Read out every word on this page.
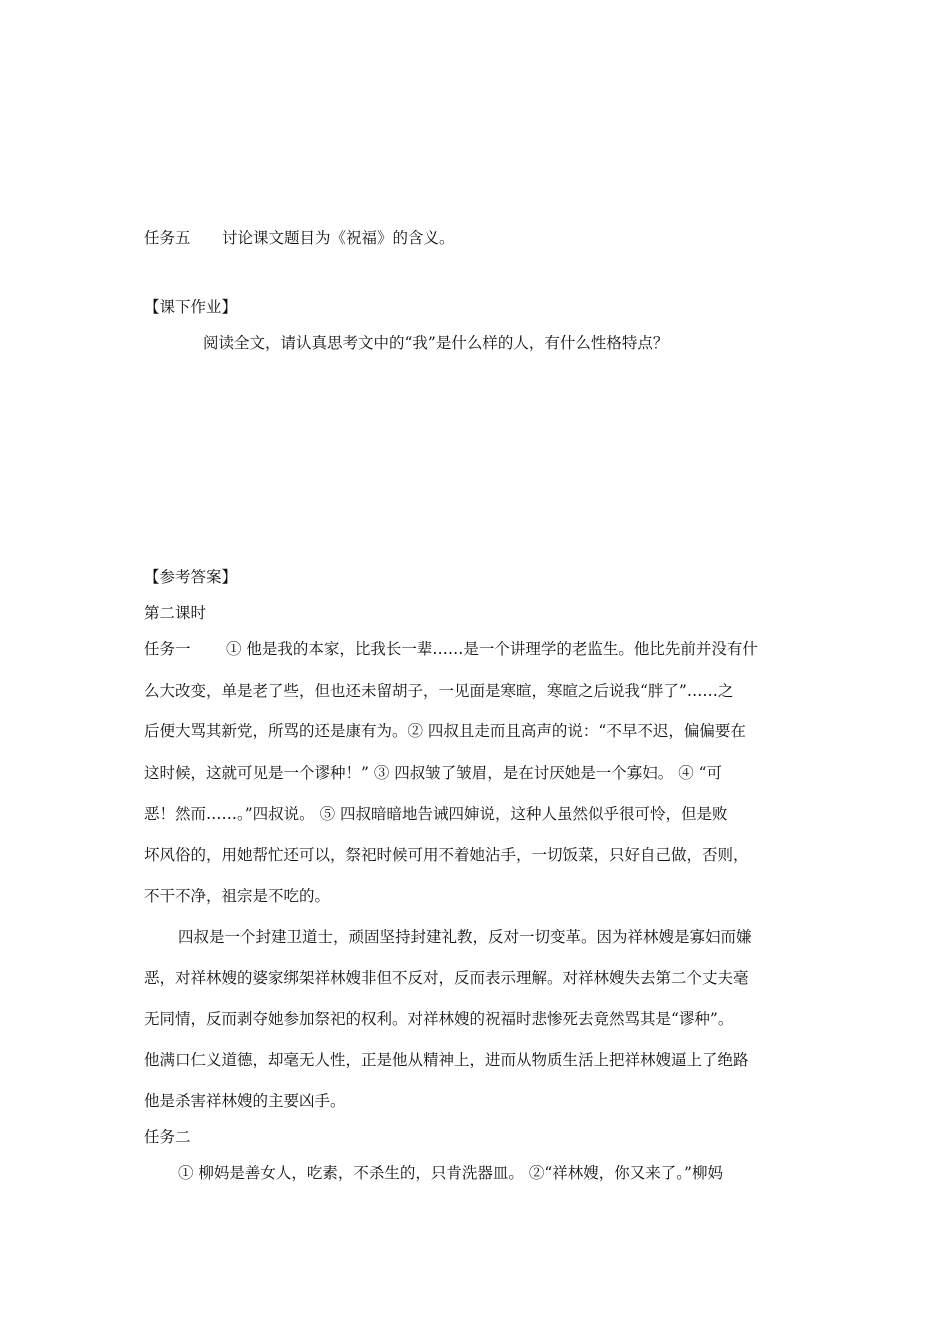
任务五 讨论课文题目为《祝福》的含义。
【课下作业】
阅读全文，请认真思考文中的“我”是什么样的人，有什么性格特点？
【参考答案】
第二课时
任务一 ① 他是我的本家，比我长一辈……是一个讲理学的老监生。他比先前并没有什
么大改变，单是老了些，但也还未留胡子，一见面是寒暄，寒暄之后说我“胖了”……之
后便大骂其新党，所骂的还是康有为。② 四叔且走而且高声的说：“不早不迟，偏偏要在
这时候，这就可见是一个谬种！” ③ 四叔皱了皱眉，是在讨厌她是一个寡妇。 ④ “可
恶！然而……。”四叔说。 ⑤ 四叔暗暗地告诫四婶说，这种人虽然似乎很可怜，但是败
坏风俗的，用她帮忙还可以，祭祀时候可用不着她沾手，一切饭菜，只好自己做，否则，
不干不净，祖宗是不吃的。
四叔是一个封建卫道士，顽固坚持封建礼教，反对一切变革。因为祥林嫂是寡妇而嫌
恶，对祥林嫂的婆家绑架祥林嫂非但不反对，反而表示理解。对祥林嫂失去第二个丈夫毫
无同情，反而剥夺她参加祭祀的权利。对祥林嫂的祝福时悲惨死去竟然骂其是“谬种”。
他满口仁义道德，却毫无人性，正是他从精神上，进而从物质生活上把祥林嫂逼上了绝路
他是杀害祥林嫂的主要凶手。
任务二
① 柳妈是善女人，吃素，不杀生的，只肯洗器皿。 ②“祥林嫂，你又来了。”柳妈
